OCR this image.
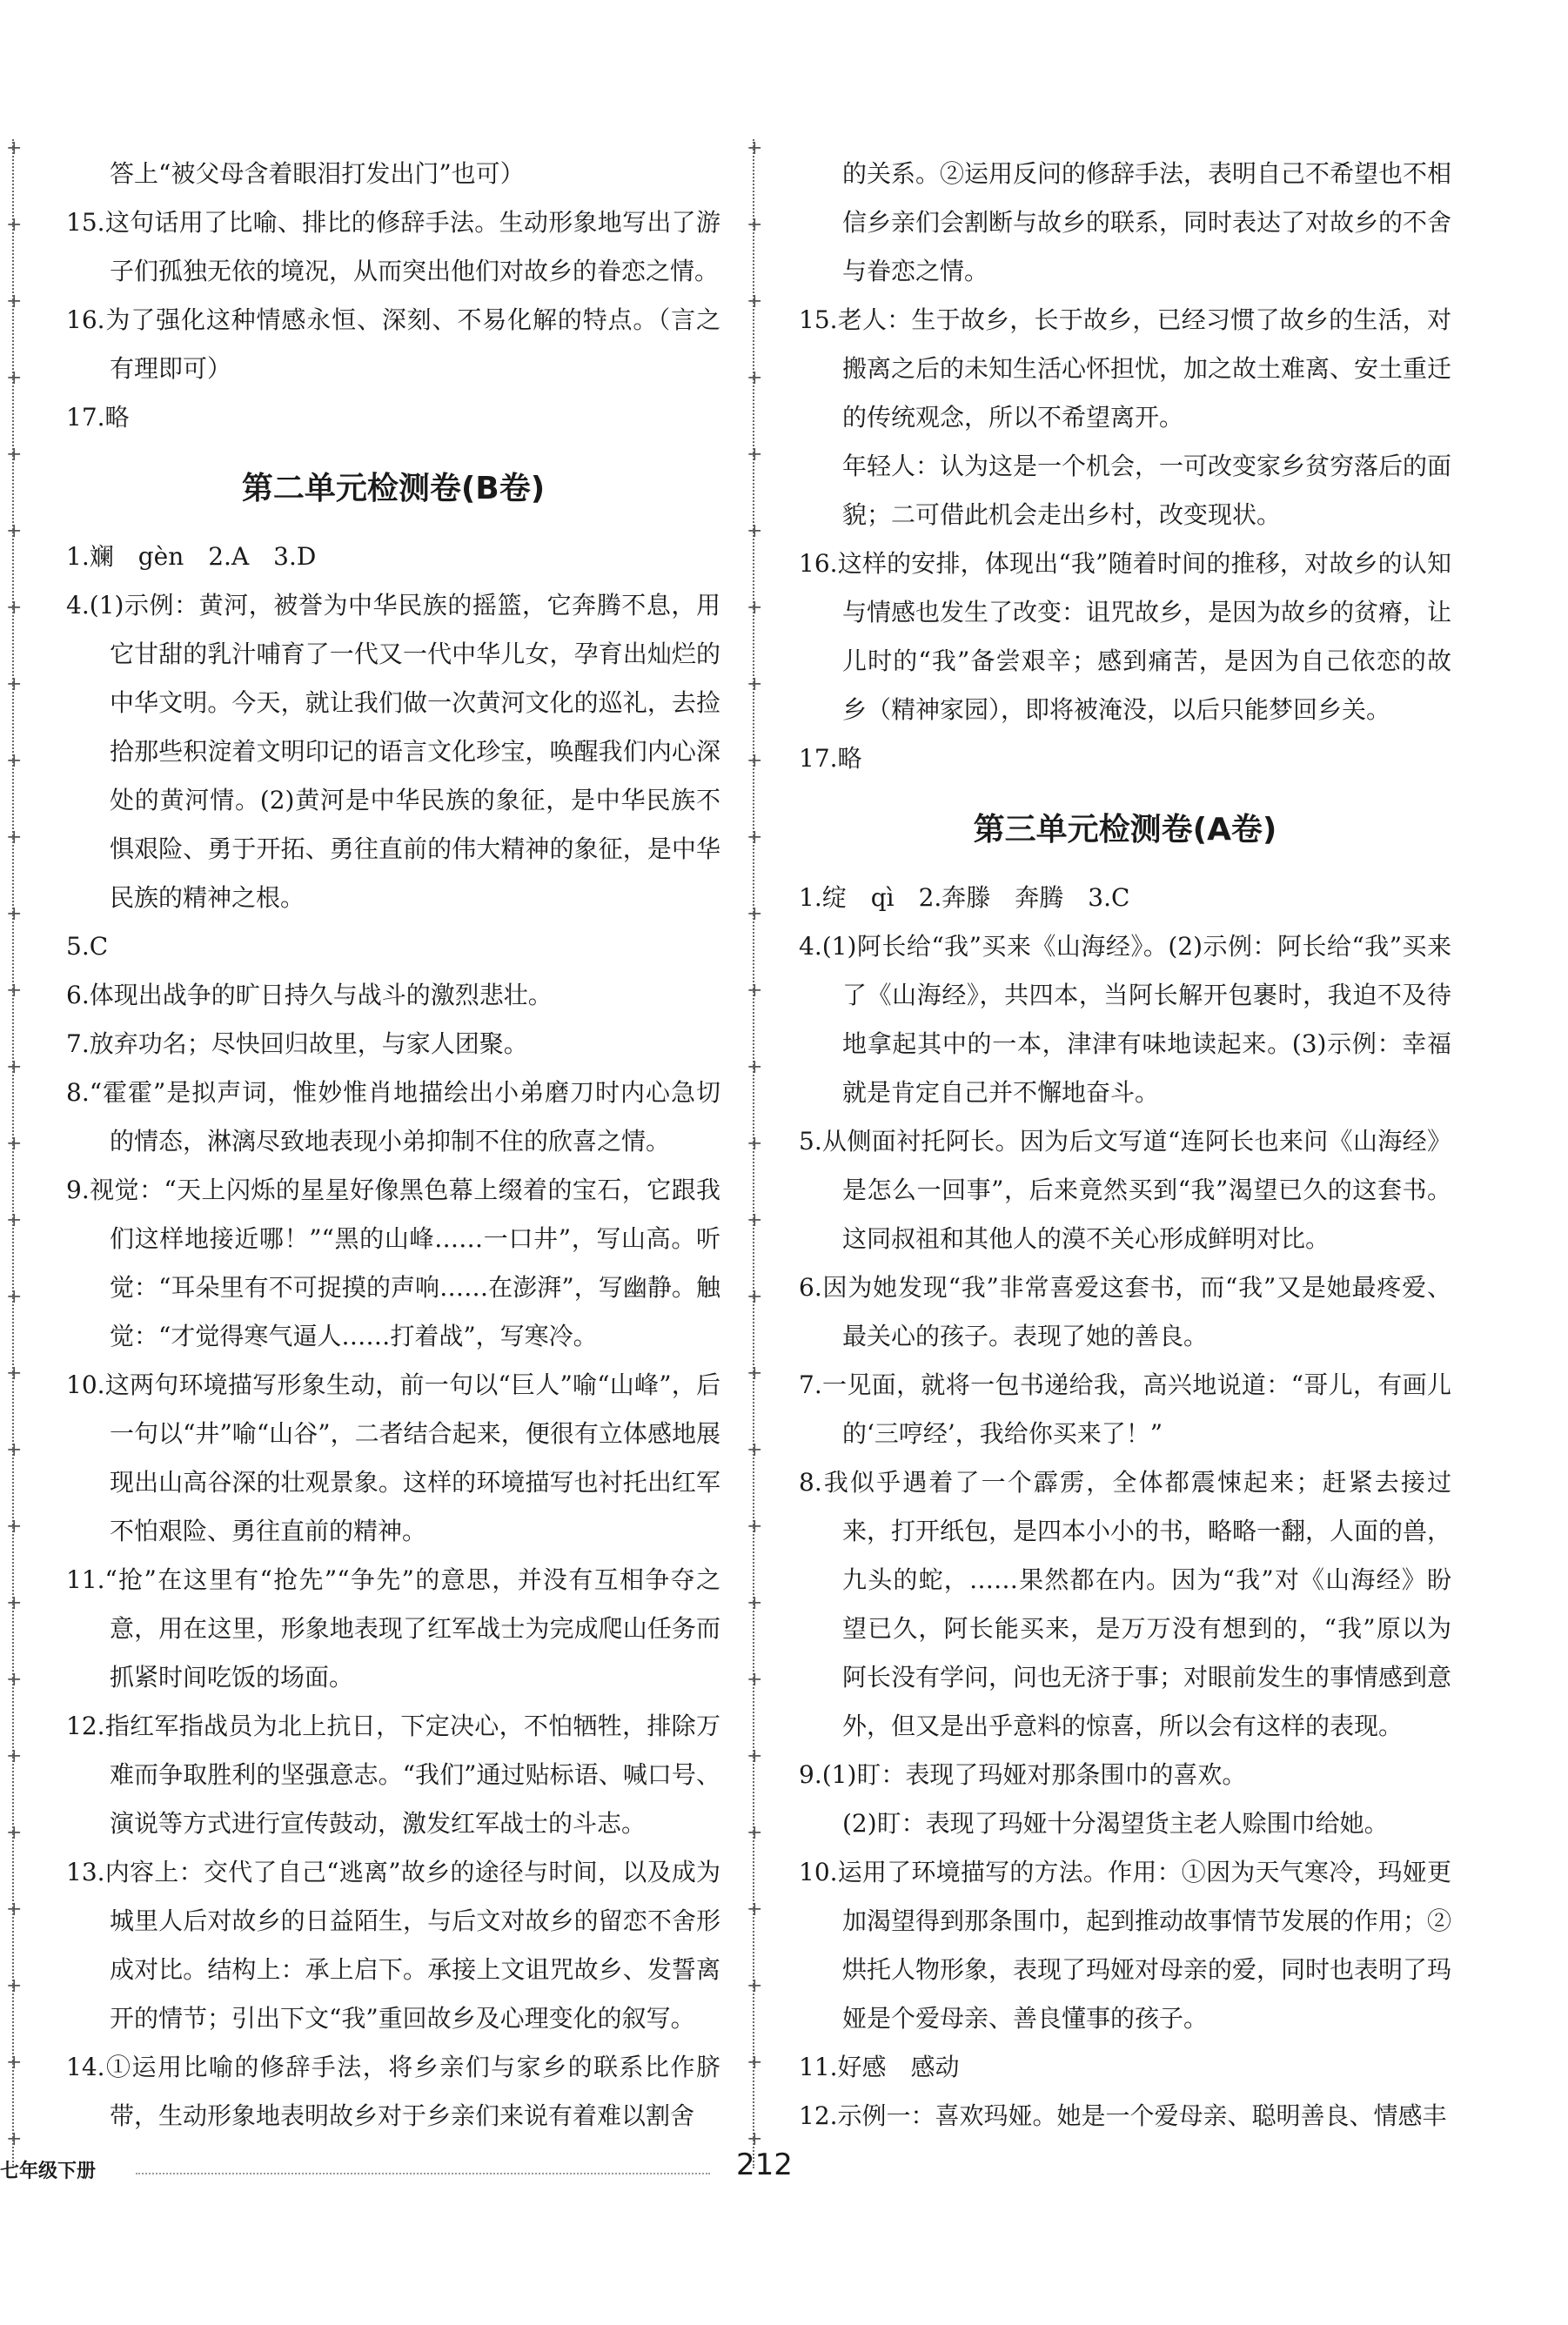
+
+
+
+
+
+
+
+
+
+
+
+
+
+
+
+
+
+
+
+
+
+
+
+
+
+
+
+
+
+
+
+
+
+
+
+
+
+
+
+
+
+
+
+
+
+
+
+
+
+
+
+
+
+
答上“被父母含着眼泪打发出门”也可）
15.这句话用了比喻、排比的修辞手法。生动形象地写出了游子们孤独无依的境况，从而突出他们对故乡的眷恋之情。
16.为了强化这种情感永恒、深刻、不易化解的特点。（言之有理即可）
17.略
第二单元检测卷(B卷)
1.斓　gèn　2.A　3.D
4.(1)示例：黄河，被誉为中华民族的摇篮，它奔腾不息，用它甘甜的乳汁哺育了一代又一代中华儿女，孕育出灿烂的中华文明。今天，就让我们做一次黄河文化的巡礼，去捡拾那些积淀着文明印记的语言文化珍宝，唤醒我们内心深处的黄河情。(2)黄河是中华民族的象征，是中华民族不惧艰险、勇于开拓、勇往直前的伟大精神的象征，是中华民族的精神之根。
5.C
6.体现出战争的旷日持久与战斗的激烈悲壮。
7.放弃功名；尽快回归故里，与家人团聚。
8.“霍霍”是拟声词，惟妙惟肖地描绘出小弟磨刀时内心急切的情态，淋漓尽致地表现小弟抑制不住的欣喜之情。
9.视觉：“天上闪烁的星星好像黑色幕上缀着的宝石，它跟我们这样地接近哪！”“黑的山峰……一口井”，写山高。听觉：“耳朵里有不可捉摸的声响……在澎湃”，写幽静。触觉：“才觉得寒气逼人……打着战”，写寒冷。
10.这两句环境描写形象生动，前一句以“巨人”喻“山峰”，后一句以“井”喻“山谷”，二者结合起来，便很有立体感地展现出山高谷深的壮观景象。这样的环境描写也衬托出红军不怕艰险、勇往直前的精神。
11.“抢”在这里有“抢先”“争先”的意思，并没有互相争夺之意，用在这里，形象地表现了红军战士为完成爬山任务而抓紧时间吃饭的场面。
12.指红军指战员为北上抗日，下定决心，不怕牺牲，排除万难而争取胜利的坚强意志。“我们”通过贴标语、喊口号、演说等方式进行宣传鼓动，激发红军战士的斗志。
13.内容上：交代了自己“逃离”故乡的途径与时间，以及成为城里人后对故乡的日益陌生，与后文对故乡的留恋不舍形成对比。结构上：承上启下。承接上文诅咒故乡、发誓离开的情节；引出下文“我”重回故乡及心理变化的叙写。
14.①运用比喻的修辞手法，将乡亲们与家乡的联系比作脐带，生动形象地表明故乡对于乡亲们来说有着难以割舍
的关系。②运用反问的修辞手法，表明自己不希望也不相信乡亲们会割断与故乡的联系，同时表达了对故乡的不舍与眷恋之情。
15.老人：生于故乡，长于故乡，已经习惯了故乡的生活，对搬离之后的未知生活心怀担忧，加之故土难离、安土重迁的传统观念，所以不希望离开。
年轻人：认为这是一个机会，一可改变家乡贫穷落后的面貌；二可借此机会走出乡村，改变现状。
16.这样的安排，体现出“我”随着时间的推移，对故乡的认知与情感也发生了改变：诅咒故乡，是因为故乡的贫瘠，让儿时的“我”备尝艰辛；感到痛苦，是因为自己依恋的故乡（精神家园），即将被淹没，以后只能梦回乡关。
17.略
第三单元检测卷(A卷)
1.绽　qì　2.奔滕　奔腾　3.C
4.(1)阿长给“我”买来《山海经》。(2)示例：阿长给“我”买来了《山海经》，共四本，当阿长解开包裹时，我迫不及待地拿起其中的一本，津津有味地读起来。(3)示例：幸福就是肯定自己并不懈地奋斗。
5.从侧面衬托阿长。因为后文写道“连阿长也来问《山海经》是怎么一回事”，后来竟然买到“我”渴望已久的这套书。这同叔祖和其他人的漠不关心形成鲜明对比。
6.因为她发现“我”非常喜爱这套书，而“我”又是她最疼爱、最关心的孩子。表现了她的善良。
7.一见面，就将一包书递给我，高兴地说道：“哥儿，有画儿的‘三哼经’，我给你买来了！”
8.我似乎遇着了一个霹雳，全体都震悚起来；赶紧去接过来，打开纸包，是四本小小的书，略略一翻，人面的兽，九头的蛇，……果然都在内。因为“我”对《山海经》盼望已久，阿长能买来，是万万没有想到的，“我”原以为阿长没有学问，问也无济于事；对眼前发生的事情感到意外，但又是出乎意料的惊喜，所以会有这样的表现。
9.(1)盯：表现了玛娅对那条围巾的喜欢。
(2)盯：表现了玛娅十分渴望货主老人赊围巾给她。
10.运用了环境描写的方法。作用：①因为天气寒冷，玛娅更加渴望得到那条围巾，起到推动故事情节发展的作用；②烘托人物形象，表现了玛娅对母亲的爱，同时也表明了玛娅是个爱母亲、善良懂事的孩子。
11.好感　感动
12.示例一：喜欢玛娅。她是一个爱母亲、聪明善良、情感丰
七年级下册	212
